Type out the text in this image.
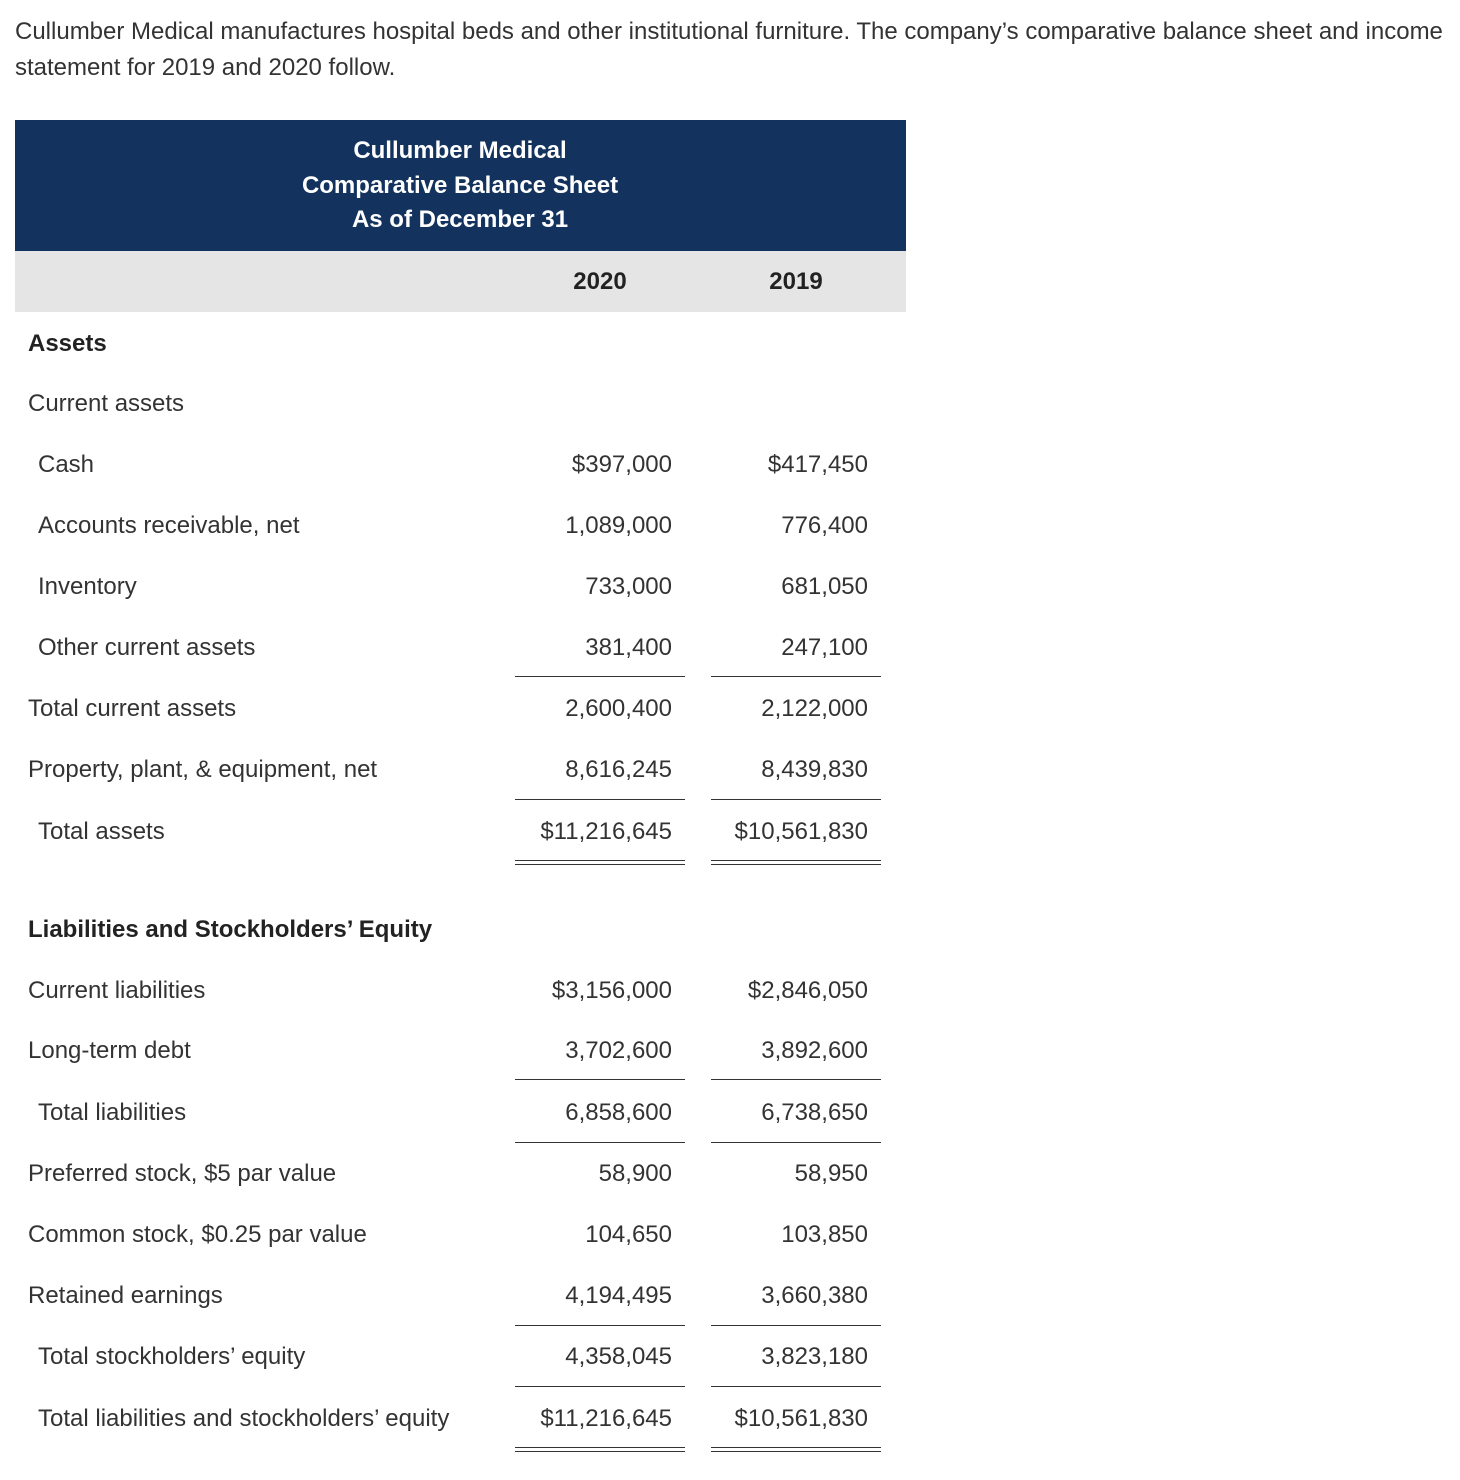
Cullumber Medical manufactures hospital beds and other institutional furniture. The company’s comparative balance sheet and income statement for 2019 and 2020 follow.

Cullumber Medical
Comparative Balance Sheet
As of December 31
2020	2019
Assets
Current assets
Cash	$397,000	$417,450
Accounts receivable, net	1,089,000	776,400
Inventory	733,000	681,050
Other current assets	381,400	247,100
Total current assets	2,600,400	2,122,000
Property, plant, & equipment, net	8,616,245	8,439,830
Total assets	$11,216,645	$10,561,830
Liabilities and Stockholders’ Equity
Current liabilities	$3,156,000	$2,846,050
Long-term debt	3,702,600	3,892,600
Total liabilities	6,858,600	6,738,650
Preferred stock, $5 par value	58,900	58,950
Common stock, $0.25 par value	104,650	103,850
Retained earnings	4,194,495	3,660,380
Total stockholders’ equity	4,358,045	3,823,180
Total liabilities and stockholders’ equity	$11,216,645	$10,561,830
